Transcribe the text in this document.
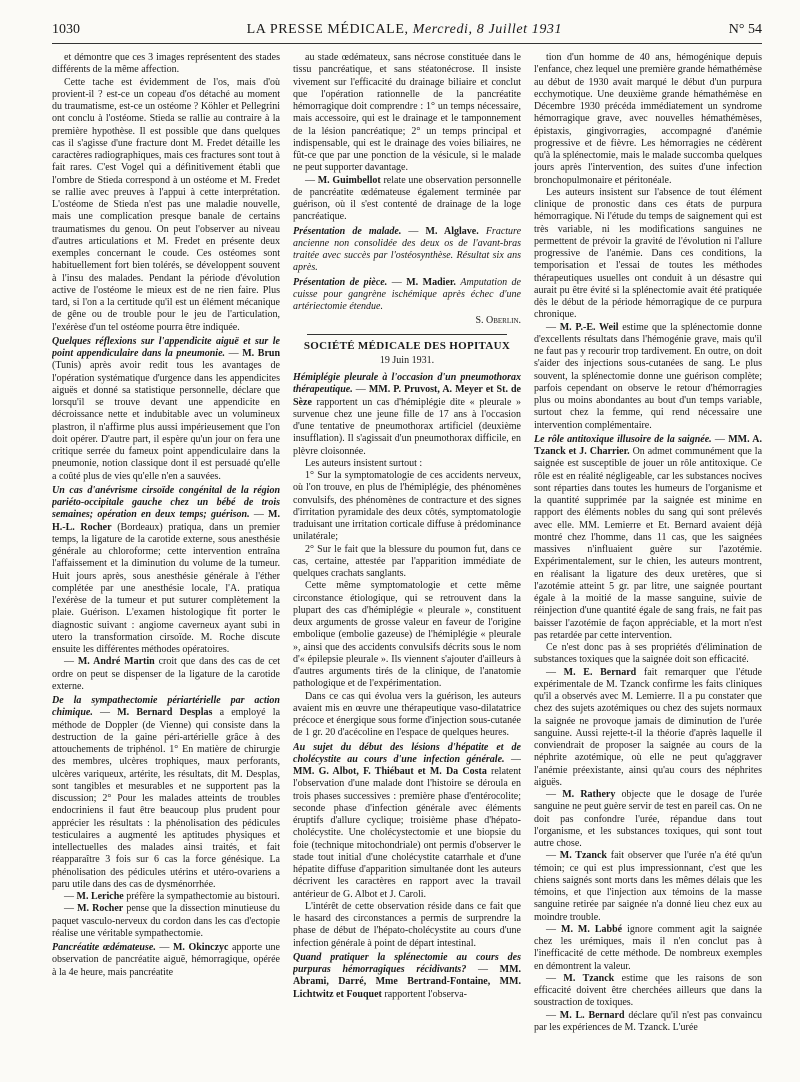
1030	LA PRESSE MÉDICALE, Mercredi, 8 Juillet 1931	N° 54

et démontre que ces 3 images représentent des stades différents de la même affection.

Cette tache est évidemment de l'os, mais d'où provient-il ? est-ce un copeau d'os détaché au moment du traumatisme, est-ce un ostéome ? Köhler et Pellegrini ont conclu à l'ostéome. Stieda se rallie au contraire à la première hypothèse. Il est possible que dans quelques cas il s'agisse d'une fracture dont M. Fredet détaille les caractères radiographiques, mais ces fractures sont tout à fait rares. C'est Vogel qui a définitivement établi que l'ombre de Stieda correspond à un ostéome et M. Fredet se rallie avec preuves à l'appui à cette interprétation. L'ostéome de Stieda n'est pas une maladie nouvelle, mais une complication presque banale de certains traumatismes du genou. On peut l'observer au niveau d'autres articulations et M. Fredet en présente deux exemples concernant le coude. Ces ostéomes sont habituellement fort bien tolérés, se développent souvent à l'insu des malades. Pendant la période d'évolution active de l'ostéome le mieux est de ne rien faire. Plus tard, si l'on a la certitude qu'il est un élément mécanique de gêne ou de trouble pour le jeu de l'articulation, l'exérèse d'un tel ostéome pourra être indiquée.

Quelques réflexions sur l'appendicite aiguë et sur le point appendiculaire dans la pneumonie. — M. Brun (Tunis) après avoir redit tous les avantages de l'opération systématique d'urgence dans les appendicites aiguës et donné sa statistique personnelle, déclare que lorsqu'il se trouve devant une appendicite en décroissance nette et indubitable avec un volumineux plastron, il n'affirme plus aussi impérieusement que l'on doit opérer. D'autre part, il espère qu'un jour on fera une critique serrée du fameux point appendiculaire dans la pneumonie, notion classique dont il est persuadé qu'elle a coûté plus de vies qu'elle n'en a sauvées.

Un cas d'anévrisme cirsoïde congénital de la région pariéto-occipitale gauche chez un bébé de trois semaines; opération en deux temps; guérison. — M. H.-L. Rocher (Bordeaux) pratiqua, dans un premier temps, la ligature de la carotide externe, sous anesthésie générale au chloroforme; cette intervention entraîna l'affaissement et la diminution du volume de la tumeur. Huit jours après, sous anesthésie générale à l'éther complétée par une anesthésie locale, l'A. pratiqua l'exérèse de la tumeur et put suturer complètement la plaie. Guérison. L'examen histologique fit porter le diagnostic suivant : angiome caverneux ayant subi in utero la transformation cirsoïde. M. Roche discute ensuite les différentes méthodes opératoires.

— M. André Martin croit que dans des cas de cet ordre on peut se dispenser de la ligature de la carotide externe.

De la sympathectomie périartérielle par action chimique. — M. Bernard Desplas a employé la méthode de Doppler (de Vienne) qui consiste dans la destruction de la gaine péri-artérielle grâce à des attouchements de triphénol. 1° En matière de chirurgie des membres, ulcères trophiques, maux perforants, ulcères variqueux, artérite, les résultats, dit M. Desplas, sont tangibles et mesurables et ne supportent pas la discussion; 2° Pour les malades atteints de troubles endocriniens il faut être beaucoup plus prudent pour apprécier les résultats : la phénolisation des pédicules testiculaires a augmenté les aptitudes physiques et intellectuelles des malades ainsi traités, et fait réapparaître 3 fois sur 6 cas la force génésique. La phénolisation des pédicules utérins et utéro-ovariens a paru utile dans des cas de dysménorrhée.

— M. Leriche préfère la sympathectomie au bistouri.

— M. Rocher pense que la dissection minutieuse du paquet vasculo-nerveux du cordon dans les cas d'ectopie réalise une véritable sympathectomie.

Pancréatite œdémateuse. — M. Okinczyc apporte une observation de pancréatite aiguë, hémorragique, opérée à la 4e heure, mais pancréatite

au stade œdémateux, sans nécrose constituée dans le tissu pancréatique, et sans stéatonécrose. Il insiste vivement sur l'efficacité du drainage biliaire et conclut que l'opération rationnelle de la pancréatite hémorragique doit comprendre : 1° un temps nécessaire, mais accessoire, qui est le drainage et le tamponnement de la lésion pancréatique; 2° un temps principal et indispensable, qui est le drainage des voies biliaires, ne fût-ce que par une ponction de la vésicule, si le malade ne peut supporter davantage.

— M. Guimbellot relate une observation personnelle de pancréatite œdémateuse également terminée par guérison, où il s'est contenté de drainage de la loge pancréatique.

Présentation de malade. — M. Alglave. Fracture ancienne non consolidée des deux os de l'avant-bras traitée avec succès par l'ostéosynthèse. Résultat six ans après.

Présentation de pièce. — M. Madier. Amputation de cuisse pour gangrène ischémique après échec d'une artériectomie étendue.

S. Oberlin.

SOCIÉTÉ MÉDICALE DES HOPITAUX
19 Juin 1931.

Hémiplégie pleurale à l'occasion d'un pneumothorax thérapeutique. — MM. P. Pruvost, A. Meyer et St. de Sèze rapportent un cas d'hémiplégie dite « pleurale » survenue chez une jeune fille de 17 ans à l'occasion d'une tentative de pneumothorax artificiel (deuxième insufflation). Il s'agissait d'un pneumothorax difficile, en plèvre cloisonnée.

Les auteurs insistent surtout :

1° Sur la symptomatologie de ces accidents nerveux, où l'on trouve, en plus de l'hémiplégie, des phénomènes convulsifs, des phénomènes de contracture et des signes d'irritation pyramidale des deux côtés, symptomatologie traduisant une irritation corticale diffuse à prédominance unilatérale;

2° Sur le fait que la blessure du poumon fut, dans ce cas, certaine, attestée par l'apparition immédiate de quelques crachats sanglants.

Cette même symptomatologie et cette même circonstance étiologique, qui se retrouvent dans la plupart des cas d'hémiplégie « pleurale », constituent deux arguments de grosse valeur en faveur de l'origine embolique (embolie gazeuse) de l'hémiplégie « pleurale », ainsi que des accidents convulsifs décrits sous le nom d'« épilepsie pleurale ». Ils viennent s'ajouter d'ailleurs à d'autres arguments tirés de la clinique, de l'anatomie pathologique et de l'expérimentation.

Dans ce cas qui évolua vers la guérison, les auteurs avaient mis en œuvre une thérapeutique vaso-dilatatrice précoce et énergique sous forme d'injection sous-cutanée de 1 gr. 20 d'acécoline en l'espace de quelques heures.

Au sujet du début des lésions d'hépatite et de cholécystite au cours d'une infection générale. — MM. G. Albot, F. Thiébaut et M. Da Costa relatent l'observation d'une malade dont l'histoire se déroula en trois phases successives : première phase d'entérocolite; seconde phase d'infection générale avec éléments éruptifs d'allure cyclique; troisième phase d'hépato-cholécystite. Une cholécystectomie et une biopsie du foie (technique mitochondriale) ont permis d'observer le stade tout initial d'une cholécystite catarrhale et d'une hépatite diffuse d'apparition simultanée dont les auteurs décrivent les caractères en rapport avec la travail antérieur de G. Albot et J. Caroli.

L'intérêt de cette observation réside dans ce fait que le hasard des circonstances a permis de surprendre la phase de début de l'hépato-cholécystite au cours d'une infection générale à point de départ intestinal.

Quand pratiquer la splénectomie au cours des purpuras hémorragiques récidivants? — MM. Abrami, Darré, Mme Bertrand-Fontaine, MM. Lichtwitz et Fouquet rapportent l'observa-

tion d'un homme de 40 ans, hémogénique depuis l'enfance, chez lequel une première grande hémathémèse au début de 1930 avait marqué le début d'un purpura ecchymotique. Une deuxième grande hémathémèse en Décembre 1930 précéda immédiatement un syndrome hémorragique grave, avec nouvelles hémathémèses, épistaxis, gingivorragies, accompagné d'anémie progressive et de fièvre. Les hémorragies ne cédèrent qu'à la splénectomie, mais le malade succomba quelques jours après l'intervention, des suites d'une infection bronchopulmonaire et péritonéale.

Les auteurs insistent sur l'absence de tout élément clinique de pronostic dans ces états de purpura hémorragique. Ni l'étude du temps de saignement qui est très variable, ni les modifications sanguines ne permettent de prévoir la gravité de l'évolution ni l'allure progressive de l'anémie. Dans ces conditions, la temporisation et l'essai de toutes les méthodes thérapeutiques usuelles ont conduit à un désastre qui aurait pu être évité si la splénectomie avait été pratiquée dès le début de la période hémorragique de ce purpura chronique.

— M. P.-E. Weil estime que la splénectomie donne d'excellents résultats dans l'hémogénie grave, mais qu'il ne faut pas y recourir trop tardivement. En outre, on doit s'aider des injections sous-cutanées de sang. Le plus souvent, la splénectomie donne une guérison complète; parfois cependant on observe le retour d'hémorragies plus ou moins abondantes au bout d'un temps variable, surtout chez la femme, qui rend nécessaire une intervention complémentaire.

Le rôle antitoxique illusoire de la saignée. — MM. A. Tzanck et J. Charrier. On admet communément que la saignée est susceptible de jouer un rôle antitoxique. Ce rôle est en réalité négligeable, car les substances nocives sont réparties dans toutes les humeurs de l'organisme et la quantité supprimée par la saignée est minime en rapport des éléments nobles du sang qui sont prélevés avec elle. MM. Lemierre et Et. Bernard avaient déjà montré chez l'homme, dans 11 cas, que les saignées massives n'influaient guère sur l'azotémie. Expérimentalement, sur le chien, les auteurs montrent, en réalisant la ligature des deux uretères, que si l'azotémie atteint 5 gr. par litre, une saignée pourtant égale à la moitié de la masse sanguine, suivie de réinjection d'une quantité égale de sang frais, ne fait pas baisser l'azotémie de façon appréciable, et la mort n'est pas retardée par cette intervention.

Ce n'est donc pas à ses propriétés d'élimination de substances toxiques que la saignée doit son efficacité.

— M. E. Bernard fait remarquer que l'étude expérimentale de M. Tzanck confirme les faits cliniques qu'il a observés avec M. Lemierre. Il a pu constater que chez des sujets azotémiques ou chez des sujets normaux la saignée ne provoque jamais de diminution de l'urée sanguine. Aussi rejette-t-il la théorie d'après laquelle il conviendrait de proposer la saignée au cours de la néphrite azotémique, où elle ne peut qu'aggraver l'anémie préexistante, ainsi qu'au cours des néphrites aiguës.

— M. Rathery objecte que le dosage de l'urée sanguine ne peut guère servir de test en pareil cas. On ne doit pas confondre l'urée, répandue dans tout l'organisme, et les substances toxiques, qui sont tout autre chose.

— M. Tzanck fait observer que l'urée n'a été qu'un témoin; ce qui est plus impressionnant, c'est que les chiens saignés sont morts dans les mêmes délais que les témoins, et que l'injection aux témoins de la masse sanguine retirée par saignée n'a donné lieu chez eux au moindre trouble.

— M. M. Labbé ignore comment agit la saignée chez les urémiques, mais il n'en conclut pas à l'inefficacité de cette méthode. De nombreux exemples en démontrent la valeur.

— M. Tzanck estime que les raisons de son efficacité doivent être cherchées ailleurs que dans la soustraction de toxiques.

— M. L. Bernard déclare qu'il n'est pas convaincu par les expériences de M. Tzanck. L'urée
